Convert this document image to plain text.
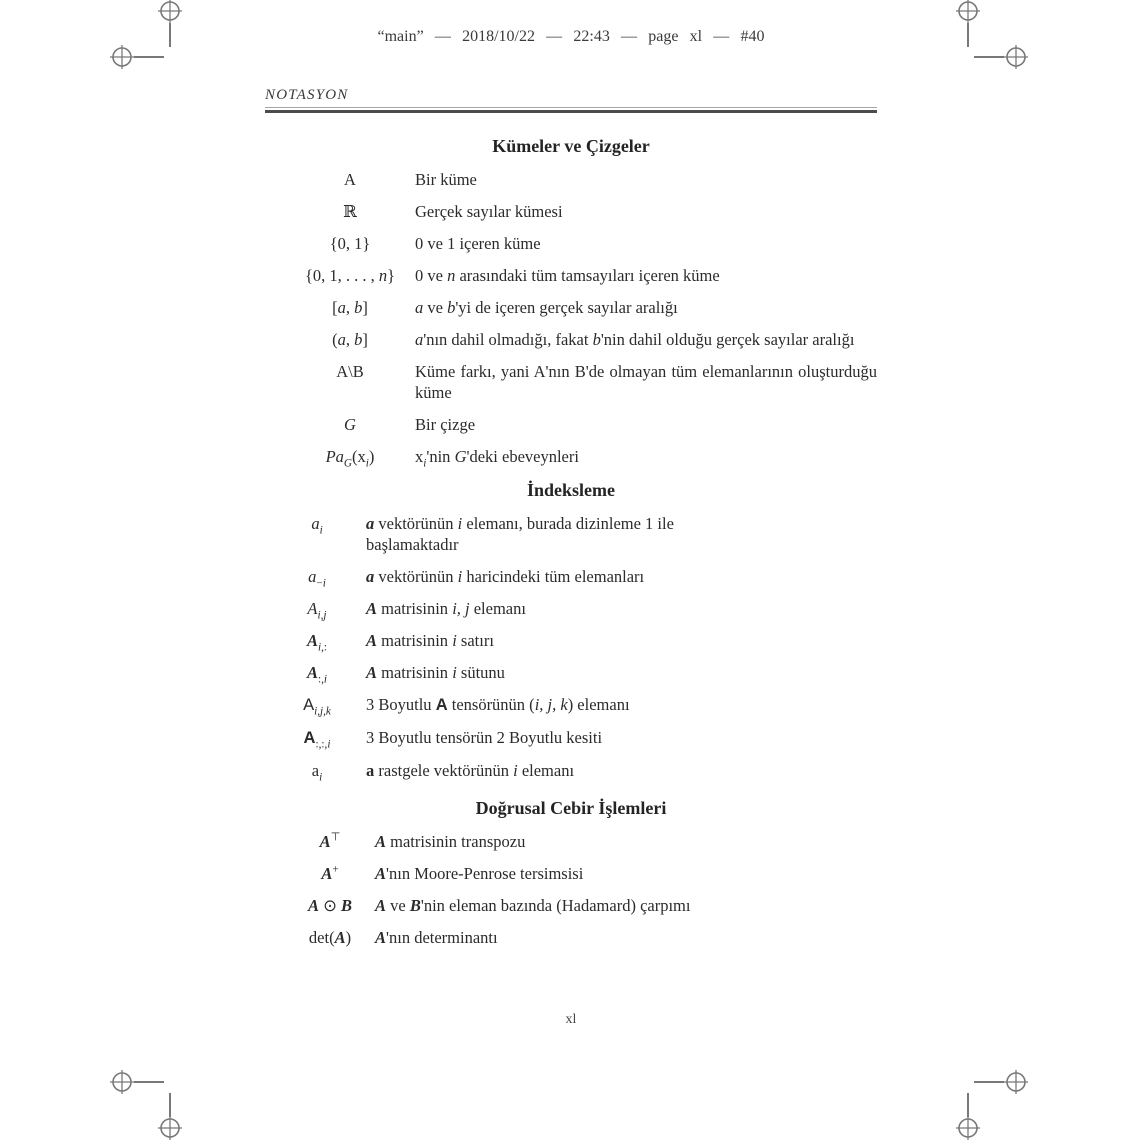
“main” — 2018/10/22 — 22:43 — page xl — #40
NOTASYON
Kümeler ve Çizgeler
A	Bir küme
ℝ	Gerçek sayılar kümesi
{0, 1}	0 ve 1 içeren küme
{0, 1, . . . , n}	0 ve n arasındaki tüm tamsayıları içeren küme
[a, b]	a ve b'yi de içeren gerçek sayılar aralığı
(a, b]	a'nın dahil olmadığı, fakat b'nin dahil olduğu gerçek sayılar aralığı
A\B	Küme farkı, yani A'nın B'de olmayan tüm elemanlarının oluşturduğu küme
G	Bir çizge
$Pa_G(x_i)$	$x_i'nin$ G'deki ebeveynleri
İndeksleme
$a_i$	a vektörünün i elemanı, burada dizinleme 1 ile
başlamaktadır
$a_{-i}$	a vektörünün i haricindeki tüm elemanları
$A_{i,j}$	A matrisinin i, j elemanı
$A_{i,:}$	A matrisinin i satırı
$A_{:,i}$	A matrisinin i sütunu
$A_{i,j,k}$	3 Boyutlu A tensörünün (i, j, k) elemanı
$A_{:,:,i}$	3 Boyutlu tensörün 2 Boyutlu kesiti
$a_i$	a rastgele vektörünün i elemanı
Doğrusal Cebir İşlemleri
A⊤	A matrisinin transpozu
A+	A'nın Moore-Penrose tersimsisi
A ⊙ B	A ve B'nin eleman bazında (Hadamard) çarpımı
det(A)	A'nın determinantı
xl
